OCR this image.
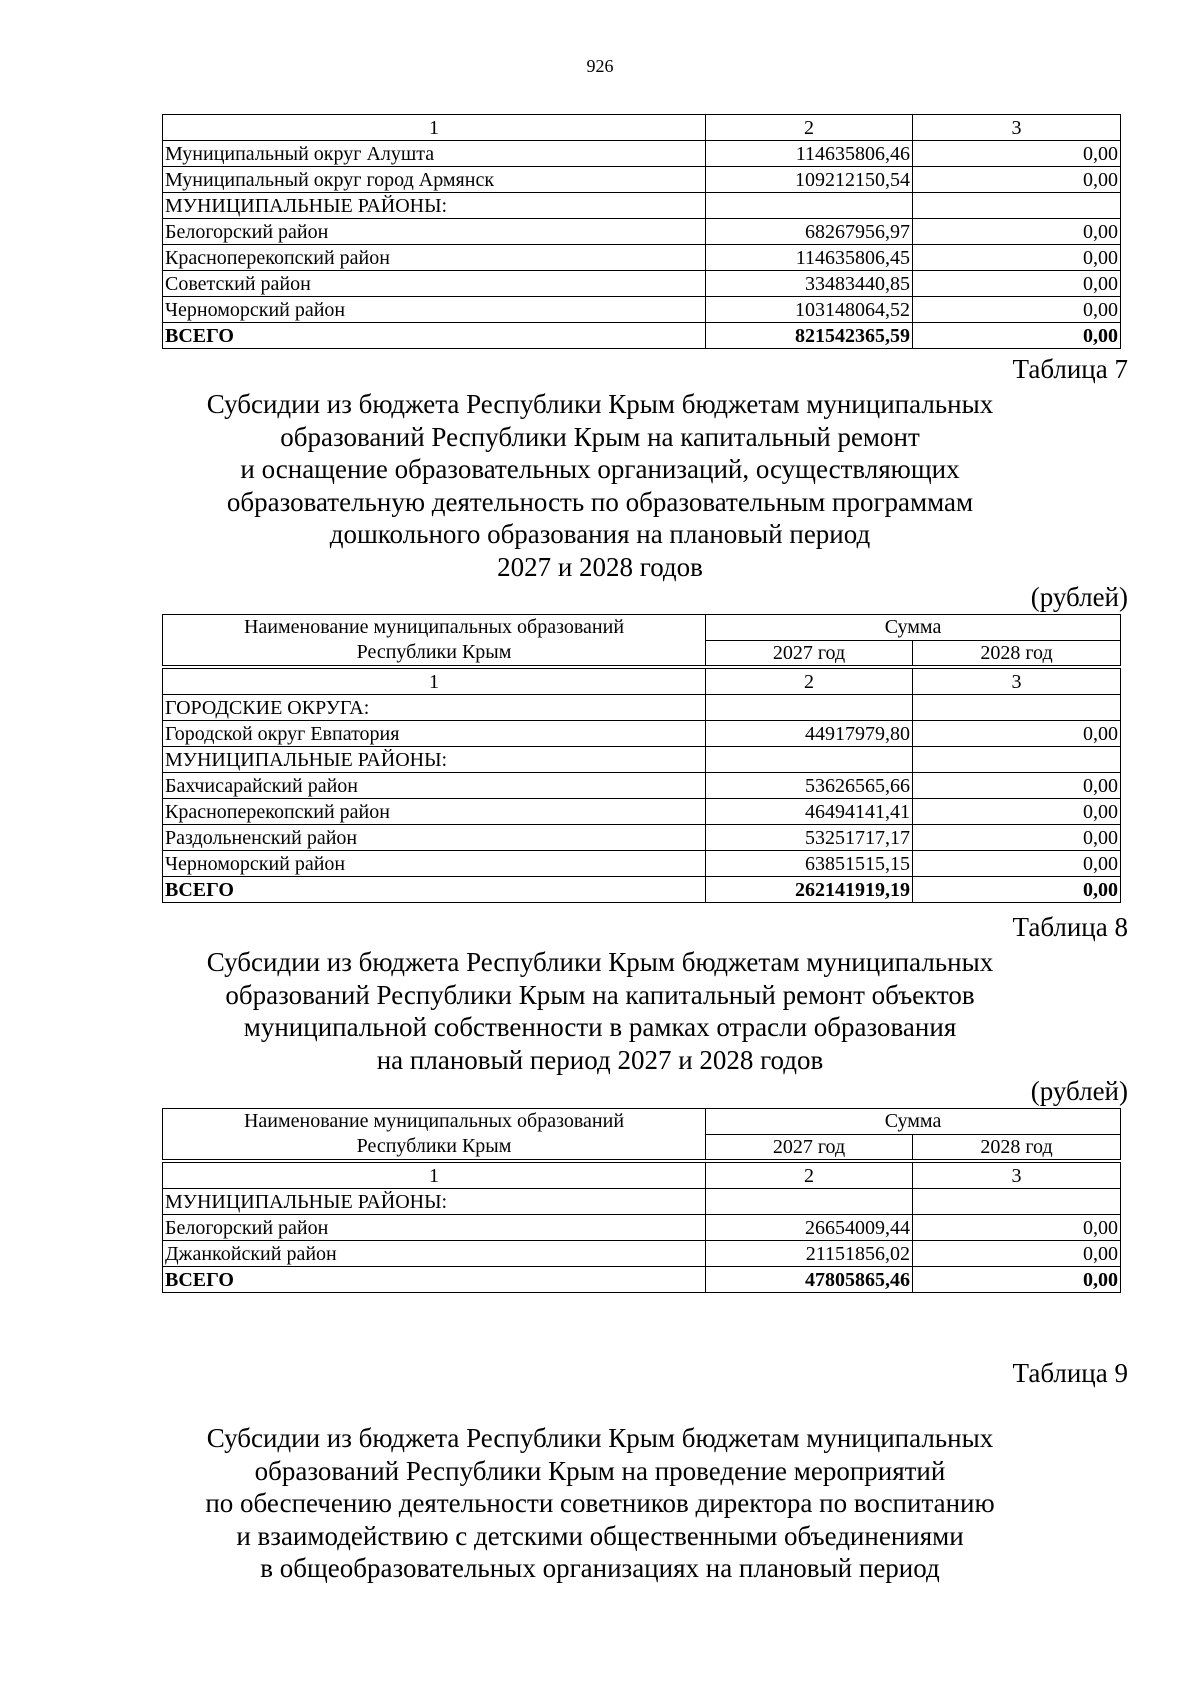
926
1	2	3
Муниципальный округ Алушта	114635806,46	0,00
Муниципальный округ город Армянск	109212150,54	0,00
МУНИЦИПАЛЬНЫЕ РАЙОНЫ:		
Белогорский район	68267956,97	0,00
Красноперекопский район	114635806,45	0,00
Советский район	33483440,85	0,00
Черноморский район	103148064,52	0,00
ВСЕГО	821542365,59	0,00
Таблица 7
Субсидии из бюджета Республики Крым бюджетам муниципальных
образований Республики Крым на капитальный ремонт
и оснащение образовательных организаций, осуществляющих
образовательную деятельность по образовательным программам
дошкольного образования на плановый период
2027 и 2028 годов
(рублей)
Наименование муниципальных образований
Республики Крым	Сумма	
	2027 год	2028 год
1	2	3
ГОРОДСКИЕ ОКРУГА:		
Городской округ Евпатория	44917979,80	0,00
МУНИЦИПАЛЬНЫЕ РАЙОНЫ:		
Бахчисарайский район	53626565,66	0,00
Красноперекопский район	46494141,41	0,00
Раздольненский район	53251717,17	0,00
Черноморский район	63851515,15	0,00
ВСЕГО	262141919,19	0,00
Таблица 8
Субсидии из бюджета Республики Крым бюджетам муниципальных
образований Республики Крым на капитальный ремонт объектов
муниципальной собственности в рамках отрасли образования
на плановый период 2027 и 2028 годов
(рублей)
Наименование муниципальных образований
Республики Крым	Сумма	
	2027 год	2028 год
1	2	3
МУНИЦИПАЛЬНЫЕ РАЙОНЫ:		
Белогорский район	26654009,44	0,00
Джанкойский район	21151856,02	0,00
ВСЕГО	47805865,46	0,00
Таблица 9
Субсидии из бюджета Республики Крым бюджетам муниципальных
образований Республики Крым на проведение мероприятий
по обеспечению деятельности советников директора по воспитанию
и взаимодействию с детскими общественными объединениями
в общеобразовательных организациях на плановый период
